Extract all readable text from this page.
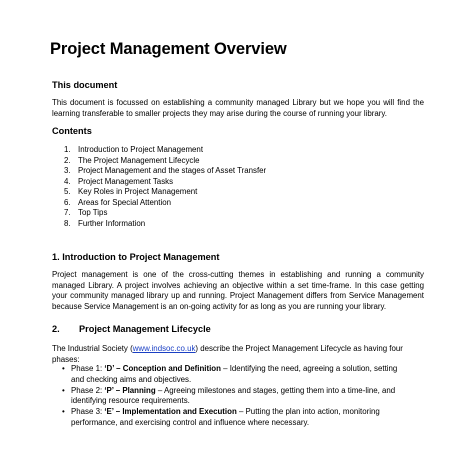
Project Management Overview
This document
This document is focussed on establishing a community managed Library but we hope you will find the
learning transferable to smaller projects they may arise during the course of running your library.
Contents
1. Introduction to Project Management
2. The Project Management Lifecycle
3. Project Management and the stages of Asset Transfer
4. Project Management Tasks
5. Key Roles in Project Management
6. Areas for Special Attention
7. Top Tips
8. Further Information
1. Introduction to Project Management
Project management is one of the cross-cutting themes in establishing and running a community
managed Library. A project involves achieving an objective within a set time-frame. In this case getting
your community managed library up and running. Project Management differs from Service Management
because Service Management is an on-going activity for as long as you are running your library.
2. Project Management Lifecycle
The Industrial Society (www.indsoc.co.uk) describe the Project Management Lifecycle as having four
phases:
• Phase 1: ‘D’ – Conception and Definition – Identifying the need, agreeing a solution, setting
and checking aims and objectives.
• Phase 2: ‘P’ – Planning – Agreeing milestones and stages, getting them into a time-line, and
identifying resource requirements.
• Phase 3: ‘E’ – Implementation and Execution – Putting the plan into action, monitoring
performance, and exercising control and influence where necessary.
